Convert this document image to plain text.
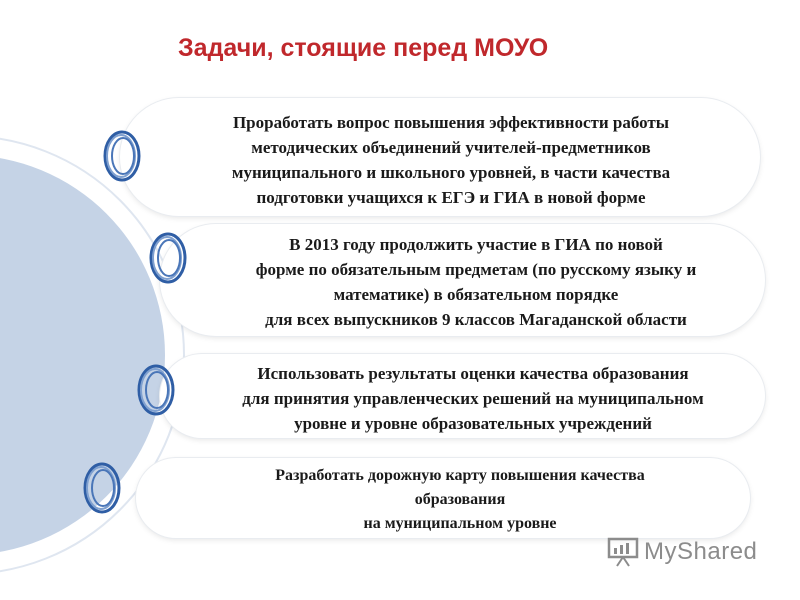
Задачи, стоящие перед МОУО
Проработать вопрос повышения эффективности работы
методических объединений учителей-предметников
муниципального и школьного уровней, в части качества
подготовки учащихся к ЕГЭ и ГИА в новой форме
В 2013 году продолжить участие в ГИА по новой
форме по обязательным предметам (по русскому языку и
математике) в обязательном порядке
для всех выпускников 9 классов Магаданской области
Использовать результаты оценки качества образования
для принятия управленческих решений на муниципальном
уровне и уровне образовательных учреждений
Разработать дорожную карту повышения качества
образования
на муниципальном уровне
MyShared
